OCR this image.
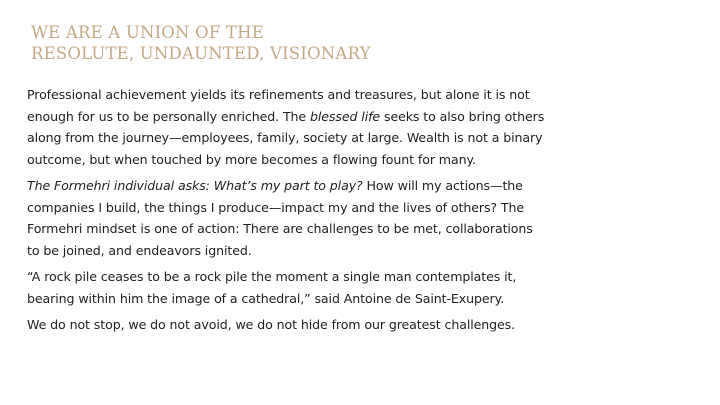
WE ARE A UNION OF THE
RESOLUTE, UNDAUNTED, VISIONARY

Professional achievement yields its refinements and treasures, but alone it is not
enough for us to be personally enriched. The blessed life seeks to also bring others
along from the journey—employees, family, society at large. Wealth is not a binary
outcome, but when touched by more becomes a flowing fount for many.

The Formehri individual asks: What’s my part to play? How will my actions—the
companies I build, the things I produce—impact my and the lives of others? The
Formehri mindset is one of action: There are challenges to be met, collaborations
to be joined, and endeavors ignited.

“A rock pile ceases to be a rock pile the moment a single man contemplates it,
bearing within him the image of a cathedral,” said Antoine de Saint-Exupery.

We do not stop, we do not avoid, we do not hide from our greatest challenges.
